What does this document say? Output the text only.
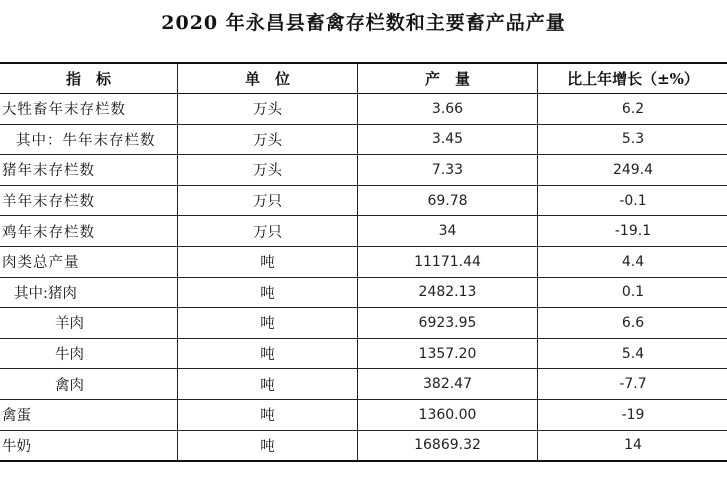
2020 年永昌县畜禽存栏数和主要畜产品产量
指　标	单　位	产　量	比上年增长（±%）
大牲畜年末存栏数	万头	3.66	6.2
其中：牛年末存栏数	万头	3.45	5.3
猪年末存栏数	万头	7.33	249.4
羊年末存栏数	万只	69.78	-0.1
鸡年末存栏数	万只	34	-19.1
肉类总产量	吨	11171.44	4.4
其中:猪肉	吨	2482.13	0.1
羊肉	吨	6923.95	6.6
牛肉	吨	1357.20	5.4
禽肉	吨	382.47	-7.7
禽蛋	吨	1360.00	-19
牛奶	吨	16869.32	14
